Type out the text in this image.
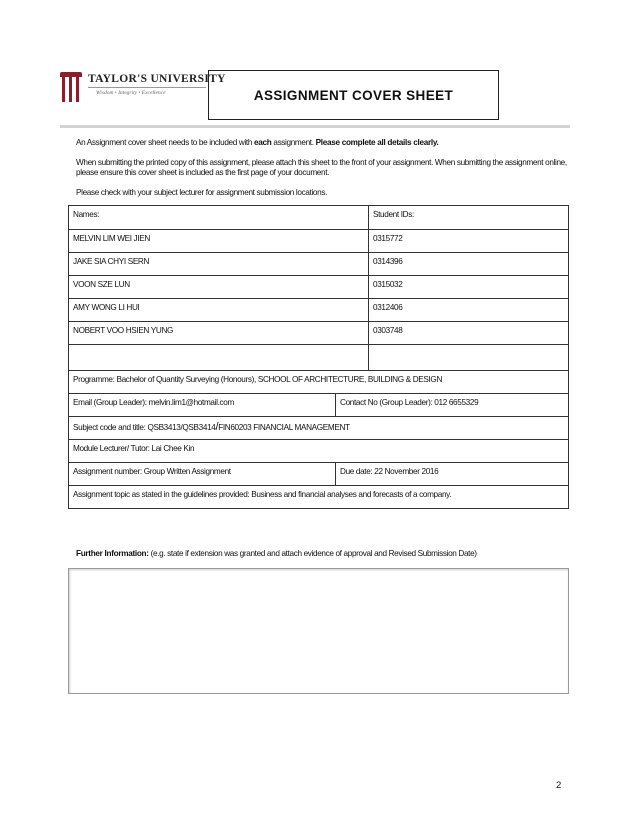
TAYLOR'S UNIVERSITY
Wisdom • Integrity • Excellence	ASSIGNMENT COVER SHEET
An Assignment cover sheet needs to be included with each assignment. Please complete all details clearly.
When submitting the printed copy of this assignment, please attach this sheet to the front of your assignment. When submitting the assignment online, please ensure this cover sheet is included as the first page of your document.
Please check with your subject lecturer for assignment submission locations.
Names:		Student IDs:
MELVIN LIM WEI JIEN		0315772
JAKE SIA CHYI SERN		0314396
VOON SZE LUN		0315032
AMY WONG LI HUI		0312406
NOBERT VOO HSIEN YUNG		0303748

Programme: Bachelor of Quantity Surveying (Honours), SCHOOL OF ARCHITECTURE, BUILDING & DESIGN		
Email (Group Leader): melvin.lim1@hotmail.com	Contact No (Group Leader): 012 6655329	
Subject code and title: QSB3413/QSB3414/FIN60203 FINANCIAL MANAGEMENT		
Module Lecturer/ Tutor: Lai Chee Kin		
Assignment number: Group Written Assignment	Due date: 22 November 2016	
Assignment topic as stated in the guidelines provided: Business and financial analyses and forecasts of a company.		
Further Information: (e.g. state if extension was granted and attach evidence of approval and Revised Submission Date)
2
